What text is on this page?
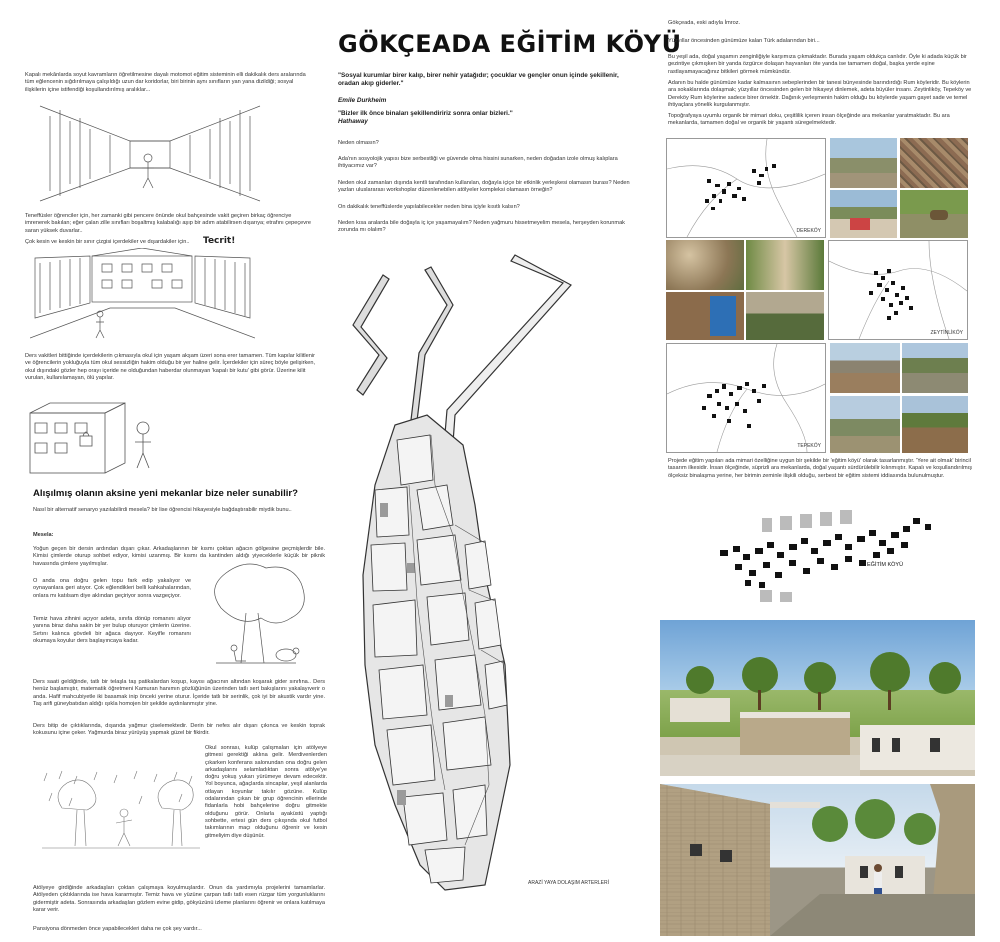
GÖKÇEADA EĞİTİM KÖYÜ
Kapalı mekânlarda soyut kavramların öğretilmesine dayalı motomot eğitim sisteminin elli dakikalık ders aralarında tüm eğlencenin sığdırılmaya çalışıldığı uzun dar koridorlar, biri birinin aynı sınıfların yan yana dizildiği; sosyal ilişkilerin içine istifendiği koşullandırılmış aralıklar...
Teneffüsler öğrenciler için, her zamanki gibi pencere önünde okul bahçesinde vakit geçiren birkaç öğrenciye imrenerek bakılan; eğer çalan zille sınıfları boşaltmış kalabalığı aşıp bir adım atabilirsen dışarıya; etrafını çepeçevre saran yüksek duvarlar..
Çok kesin ve keskin bir sınır çizgisi içerdekiler ve dışardakiler için..	Tecrit!
Ders vakitleri bittiğinde içerdekilerin çıkmasıyla okul için yaşam akşam üzeri sona erer tamamen. Tüm kapılar kilitlenir ve öğrencilerin yokluğuyla tüm okul sessizliğin hakim olduğu bir yer haline gelir. İçerdekiler için süreç böyle gelişirken, okul dışındaki gözler hep orayı içeride ne olduğundan haberdar olunmayan 'kapalı bir kutu' gibi görür. Üzerine kilit vurulan, kullanılamayan, ölü yapılar.
Alışılmış olanın aksine yeni mekanlar bize neler sunabilir?
Nasıl bir alternatif senaryo yazılabilirdi mesela? bir lise öğrencisi hikayesiyle bağdaştırabilir miydik bunu..
Mesela:
Yoğun geçen bir dersin ardından dışarı çıkar. Arkadaşlarının bir kısmı çoktan ağacın gölgesine geçmişlerdir bile. Kimisi çimlerde oturup sohbet ediyor, kimisi uzanmış. Bir kısmı da kantinden aldığı yiyeceklerle küçük bir piknik havasında çimlere yayılmışlar.
O anda ona doğru gelen topu fark edip yakalıyor ve oynayanlara geri atıyor. Çok eğlendikleri belli kahkahalarından, onlara mı katılsam diye aklından geçiriyor sonra vazgeçiyor.
Temiz hava zihnini açıyor adeta, sınıfa dönüp romanını alıyor yanına biraz daha sakin bir yer bulup oturuyor çimlerin üzerine. Sırtını kalınca gövdeli bir ağaca dayıyor. Keyifle romanını okumaya koyulur ders başlayıncaya kadar.
Ders saati geldiğinde, tatlı bir telaşla taş patikalardan koşup, kayısı ağacının altından koşarak gider sınıfına.. Ders henüz başlamıştır, matematik öğretmeni Kamuran hanımın gözlüğünün üzerinden tatlı sert bakışlarını yakalayıverir o anda. Hafif mahcubiyetle iki basamak inip önceki yerine oturur. İçeride tatlı bir serinlik, çok iyi bir akustik vardır yine. Taş arifi güneybatıdan aldığı ışıkla homojen bir şekilde aydınlanmıştır yine.
Ders bitip de çıktıklarında, dışarıda yağmur çiselemektedir. Derin bir nefes alır dışarı çıkınca ve keskin toprak kokusunu içine çeker. Yağmurda biraz yürüyüş yapmak güzel bir fikirdir.
Okul sonrası, kulüp çalışmaları için atölyeye gitmesi gerektiği aklına gelir. Merdivenlerden çıkarken konferans salonundan ona doğru gelen arkadaşlarını selamladıktan sonra atölye'ye doğru yokuş yukarı yürümeye devam edecektir. Yol boyunca, ağaçlarda sincaplar, yeşil alanlarda otlayan koyunlar takılır gözüne. Kulüp odalarından çıkan bir grup öğrencinin ellerinde fidanlarla hobi bahçelerine doğru gitmekte olduğunu görür. Onlarla ayaküstü yaptığı sohbette, ertesi gün ders çıkışında okul futbol takımlarının maçı olduğunu öğrenir ve kesin gitmeliyim diye düşünür.
Atölyeye girdiğinde arkadaşları çoktan çalışmaya koyulmuşlardır. Onun da yardımıyla projelerini tamamlarlar. Atölyeden çıktıklarında ise hava kararmıştır. Temiz hava ve yüzüne çarpan tatlı tatlı esen rüzgar tüm yorgunluklarını gidermiştir adeta. Sonrasında arkadaşları gözlem evine gidip, gökyüzünü izleme planlarını öğrenir ve onlara katılmaya karar verir.
Pansiyona dönmeden önce yapabilecekleri daha ne çok şey vardır...
"Sosyal kurumlar birer kalıp, birer nehir yatağıdır; çocuklar ve gençler onun içinde şekillenir, oradan akıp giderler."
Emile Durkheim
"Bizler ilk önce binaları şekillendiririz sonra onlar bizleri."
Hathaway
Neden olmasın?
Ada'nın sosyolojik yapısı bize serbestliği ve güvende olma hissini sunarken, neden doğadan izole olmuş kalıplara ihtiyacımız var?
Neden okul zamanları dışında kentli tarafından kullanılan, doğayla içiçe bir etkinlik yerleşkesi olamasın burası? Neden yazları uluslararası workshoplar düzenlenebilen atölyeler kompleksi olamasın örneğin?
On dakikalık teneffüslerde yapılabilecekler neden bina içiyle kısıtlı kalsın?
Neden kısa aralarda bile doğayla iç içe yaşamayalım? Neden yağmuru hissetmeyelim mesela, herşeyden korunmak zorunda mı olalım?
ARAZİ YAYA DOLAŞIM ARTERLERİ
Gökçeada, eski adıyla İmroz.
Yüzyıllar öncesinden günümüze kalan Türk adalarından biri...
Bu yeşil ada, doğal yaşamın zenginliğiyle karşımıza çıkmaktadır. Burada yaşam oldukça canlıdır. Öyle ki adada küçük bir gezintiye çıkmışken bir yanda özgürce dolaşan hayvanları öte yanda ise tamamen doğal, başka yerde eşine rastlayamayacağınız bitkileri görmek mümkündür.
Adanın bu halde günümüze kadar kalmasının sebeplerinden bir tanesi bünyesinde barındırdığı Rum köyleridir. Bu köylerin ara sokaklarında dolaşmak; yüzyıllar öncesinden gelen bir hikayeyi dinlemek, adeta büyüler insanı. Zeytinliköy, Tepeköy ve Dereköy Rum köylerine sadece birer örnektir. Dağınık yerleşmenin hakim olduğu bu köylerde yaşam gayet sade ve temel ihtiyaçlara yönelik kurgulanmıştır.
Topoğrafyaya uyumlu organik bir mimari doku, çeşitlilik içeren insan ölçeğinde ara mekanlar yaratmaktadır. Bu ara mekanlarda, tamamen doğal ve organik bir yaşantı süregelmektedir.
DEREKÖY
ZEYTİNLİKÖY
TEPEKÖY
Projede eğitim yapıları ada mimari özelliğine uygun bir şekilde bir 'eğitim köyü' olarak tasarlanmıştır. 'Yere ait olmak' birincil tasarım ilkesidir. İnsan ölçeğinde, süprizli ara mekanlarda, doğal yaşantı sürdürülebilir kılınmıştır. Kapalı ve koşullandırılmış ölçeksiz binalaşma yerine, her birimin zeminle ilişkili olduğu, serbest bir eğitim sistemi iddiasında bulunulmuştur.
EĞİTİM KÖYÜ
